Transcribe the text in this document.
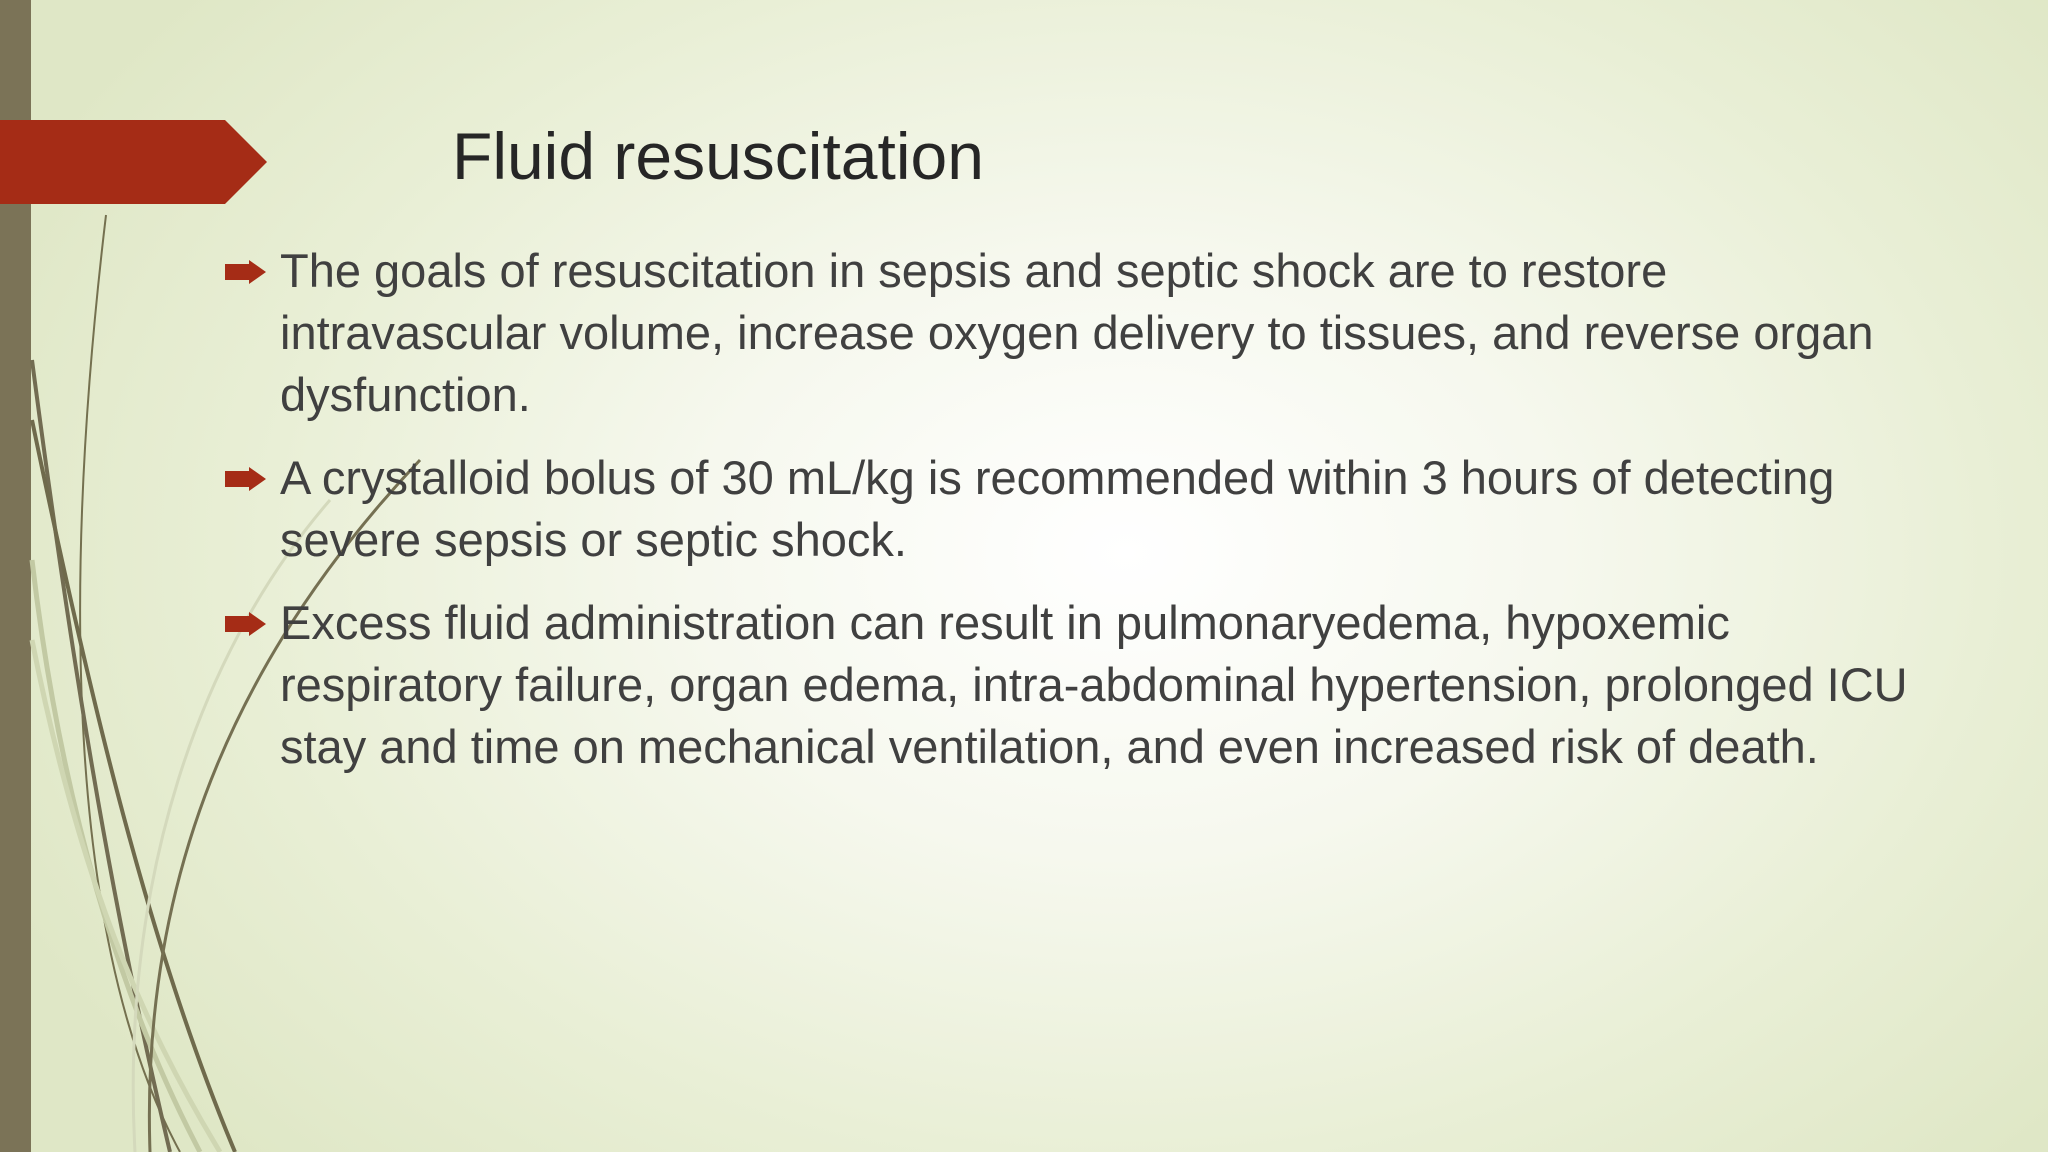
Fluid resuscitation
The goals of resuscitation in sepsis and septic shock are to restore intravascular volume, increase oxygen delivery to tissues, and reverse organ dysfunction.
A crystalloid bolus of 30 mL/kg is recommended within 3 hours of detecting severe sepsis or septic shock.
Excess fluid administration can result in pulmonaryedema, hypoxemic respiratory failure, organ edema, intra-abdominal hypertension, prolonged ICU stay and time on mechanical ventilation, and even increased risk of death.
